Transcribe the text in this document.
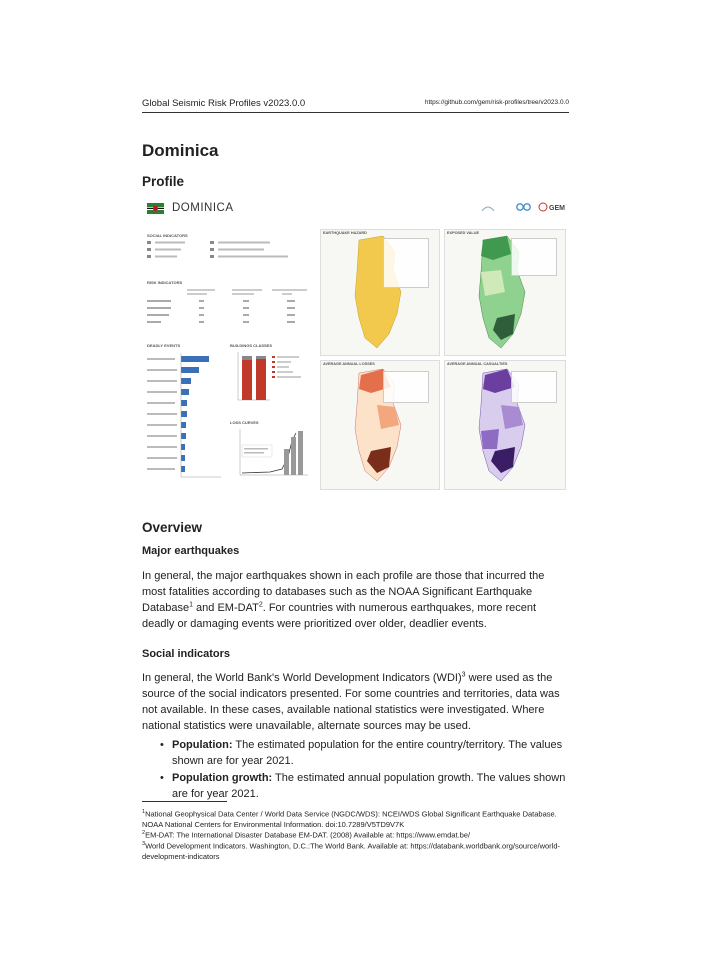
Global Seismic Risk Profiles v2023.0.0	https://github.com/gem/risk-profiles/tree/v2023.0.0
Dominica
Profile
DOMINICA	GEM
SOCIAL INDICATORS
RISK INDICATORS
DEADLY EVENTS	BUILDINGS CLASSES
LOSS CURVES
EARTHQUAKE HAZARD	EXPOSED VALUE
AVERAGE ANNUAL LOSSES	AVERAGE ANNUAL CASUALTIES
Overview
Major earthquakes
In general, the major earthquakes shown in each profile are those that incurred the most fatalities according to databases such as the NOAA Significant Earthquake Database$^1$ and EM-DAT$^2$. For countries with numerous earthquakes, more recent deadly or damaging events were prioritized over older, deadlier events.
Social indicators
In general, the World Bank's World Development Indicators (WDI)$^3$ were used as the source of the social indicators presented. For some countries and territories, data was not available. In these cases, available national statistics were investigated. Where national statistics were unavailable, alternate sources may be used.
• Population: The estimated population for the entire country/territory. The values shown are for year 2021.
• Population growth: The estimated annual population growth. The values shown are for year 2021.
$^1$National Geophysical Data Center / World Data Service (NGDC/WDS): NCEI/WDS Global Significant Earthquake Database. NOAA National Centers for Environmental Information. doi:10.7289/V5TD9V7K
$^2$EM-DAT: The International Disaster Database EM-DAT. (2008) Available at: https://www.emdat.be/
$^3$World Development Indicators. Washington, D.C.:The World Bank. Available at: https://databank.worldbank.org/source/world-development-indicators
